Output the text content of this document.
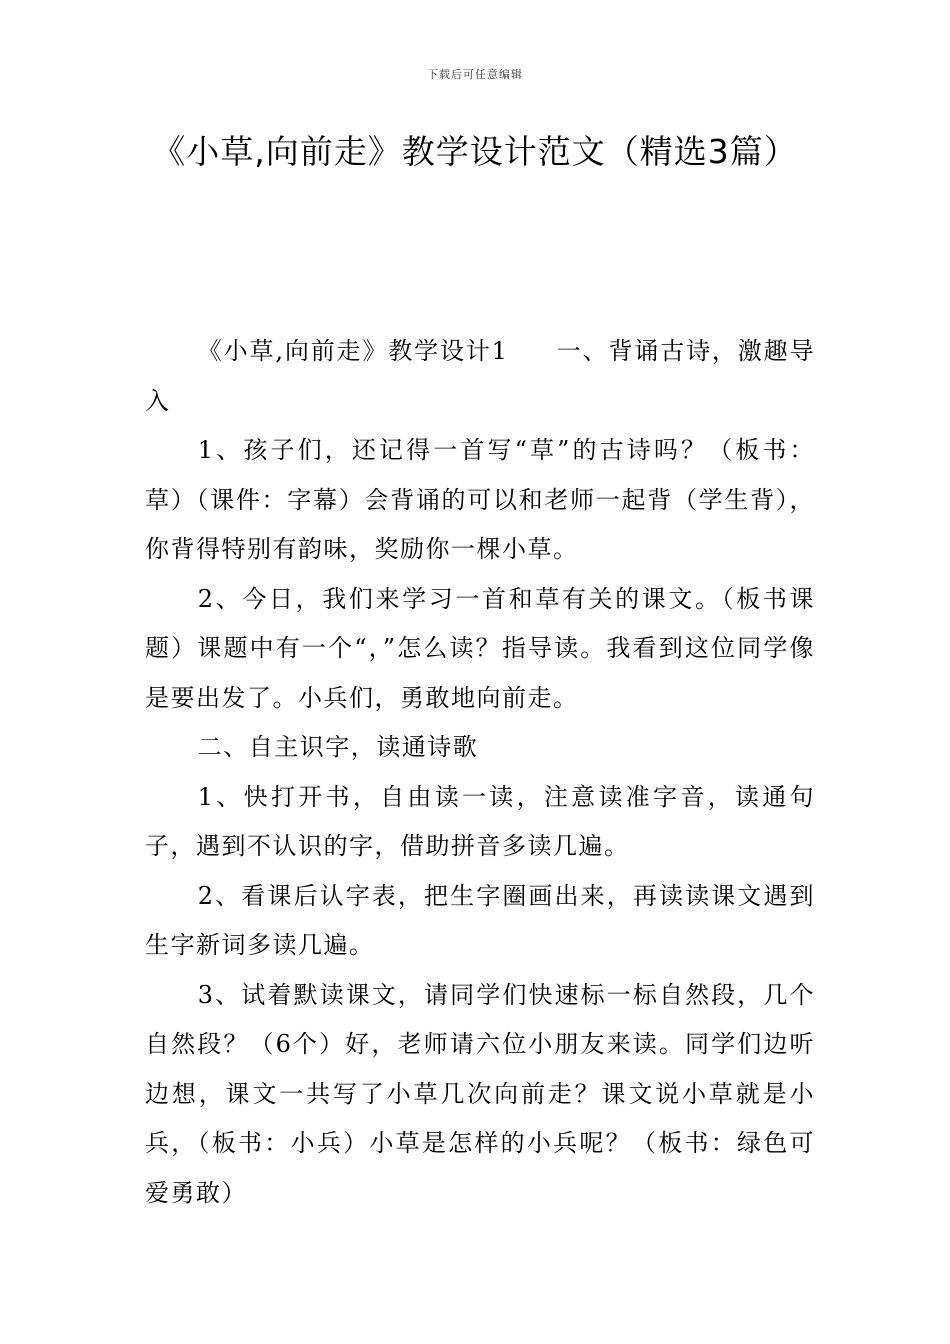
下载后可任意编辑
《小草,向前走》教学设计范文（精选3篇）

《小草,向前走》教学设计1 一、背诵古诗，激趣导入

1、孩子们，还记得一首写“草”的古诗吗？（板书：草）（课件：字幕）会背诵的可以和老师一起背（学生背），你背得特别有韵味，奖励你一棵小草。

2、今日，我们来学习一首和草有关的课文。（板书课题）课题中有一个“，”怎么读？指导读。我看到这位同学像是要出发了。小兵们，勇敢地向前走。

二、自主识字，读通诗歌

1、快打开书，自由读一读，注意读准字音，读通句子，遇到不认识的字，借助拼音多读几遍。

2、看课后认字表，把生字圈画出来，再读读课文遇到生字新词多读几遍。

3、试着默读课文，请同学们快速标一标自然段，几个自然段？（6个）好，老师请六位小朋友来读。同学们边听边想，课文一共写了小草几次向前走？课文说小草就是小兵，（板书：小兵）小草是怎样的小兵呢？（板书：绿色可爱勇敢）
